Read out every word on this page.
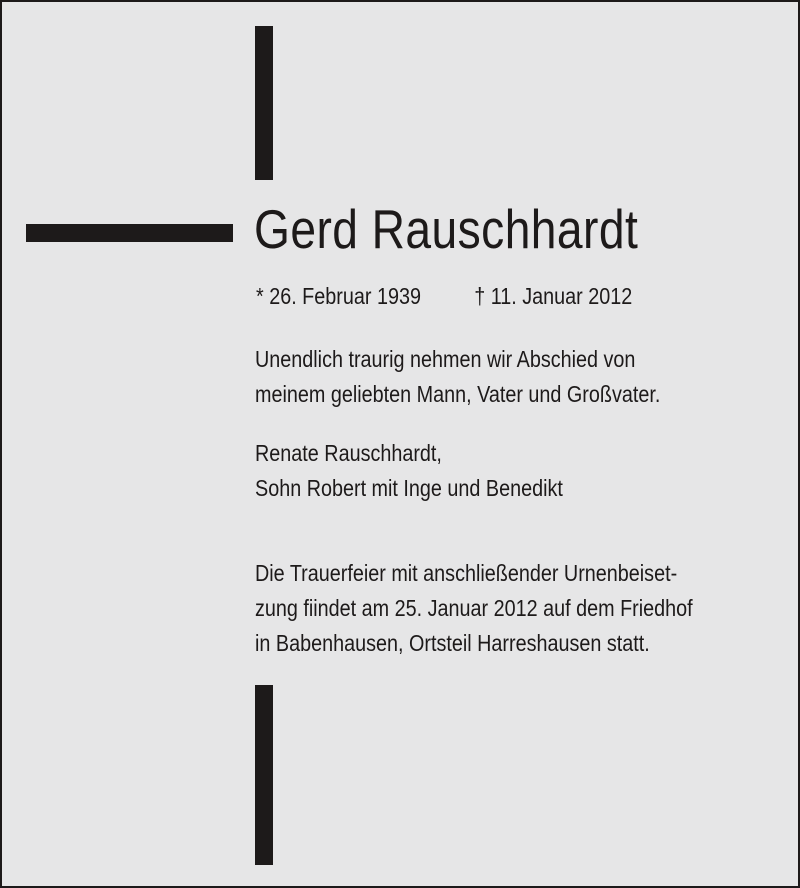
Gerd Rauschhardt
* 26. Februar 1939 † 11. Januar 2012
Unendlich traurig nehmen wir Abschied von
meinem geliebten Mann, Vater und Großvater.
Renate Rauschhardt,
Sohn Robert mit Inge und Benedikt
Die Trauerfeier mit anschließender Urnenbeiset-
zung fiindet am 25. Januar 2012 auf dem Friedhof
in Babenhausen, Ortsteil Harreshausen statt.
